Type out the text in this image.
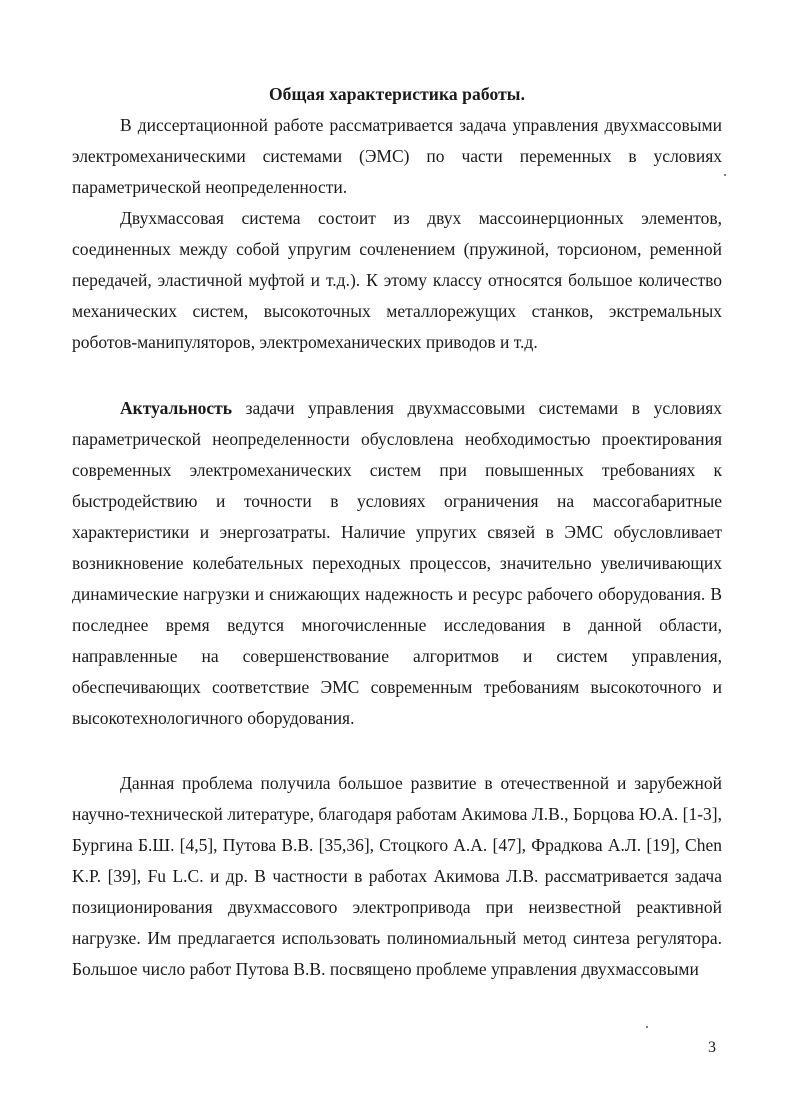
Общая характеристика работы.

В диссертационной работе рассматривается задача управления двухмассовыми электромеханическими системами (ЭМС) по части переменных в условиях параметрической неопределенности.

Двухмассовая система состоит из двух массоинерционных элементов, соединенных между собой упругим сочленением (пружиной, торсионом, ременной передачей, эластичной муфтой и т.д.). К этому классу относятся большое количество механических систем, высокоточных металлорежущих станков, экстремальных роботов-манипуляторов, электромеханических приводов и т.д.

Актуальность задачи управления двухмассовыми системами в условиях параметрической неопределенности обусловлена необходимостью проектирования современных электромеханических систем при повышенных требованиях к быстродействию и точности в условиях ограничения на массогабаритные характеристики и энергозатраты. Наличие упругих связей в ЭМС обусловливает возникновение колебательных переходных процессов, значительно увеличивающих динамические нагрузки и снижающих надежность и ресурс рабочего оборудования. В последнее время ведутся многочисленные исследования в данной области, направленные на совершенствование алгоритмов и систем управления, обеспечивающих соответствие ЭМС современным требованиям высокоточного и высокотехнологичного оборудования.

Данная проблема получила большое развитие в отечественной и зарубежной научно-технической литературе, благодаря работам Акимова Л.В., Борцова Ю.А. [1-3], Бургина Б.Ш. [4,5], Путова В.В. [35,36], Стоцкого А.А. [47], Фрадкова А.Л. [19], Chen K.P. [39], Fu L.C. и др. В частности в работах Акимова Л.В. рассматривается задача позиционирования двухмассового электропривода при неизвестной реактивной нагрузке. Им предлагается использовать полиномиальный метод синтеза регулятора. Большое число работ Путова В.В. посвящено проблеме управления двухмассовыми

3
